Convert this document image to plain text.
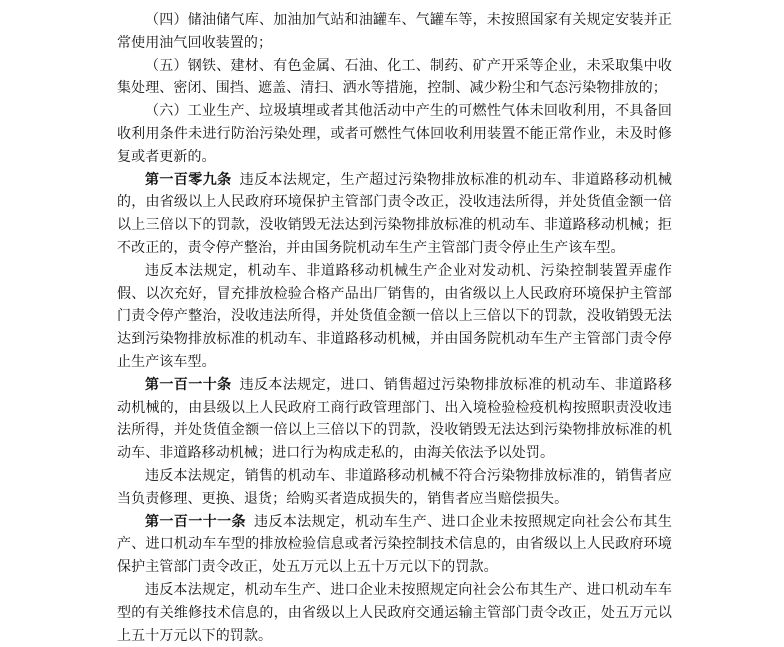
（四）储油储气库、加油加气站和油罐车、气罐车等，未按照国家有关规定安装并正常使用油气回收装置的；

（五）钢铁、建材、有色金属、石油、化工、制药、矿产开采等企业，未采取集中收集处理、密闭、围挡、遮盖、清扫、洒水等措施，控制、减少粉尘和气态污染物排放的；

（六）工业生产、垃圾填埋或者其他活动中产生的可燃性气体未回收利用，不具备回收利用条件未进行防治污染处理，或者可燃性气体回收利用装置不能正常作业，未及时修复或者更新的。

第一百零九条 违反本法规定，生产超过污染物排放标准的机动车、非道路移动机械的，由省级以上人民政府环境保护主管部门责令改正，没收违法所得，并处货值金额一倍以上三倍以下的罚款，没收销毁无法达到污染物排放标准的机动车、非道路移动机械；拒不改正的，责令停产整治，并由国务院机动车生产主管部门责令停止生产该车型。

违反本法规定，机动车、非道路移动机械生产企业对发动机、污染控制装置弄虚作假、以次充好，冒充排放检验合格产品出厂销售的，由省级以上人民政府环境保护主管部门责令停产整治，没收违法所得，并处货值金额一倍以上三倍以下的罚款，没收销毁无法达到污染物排放标准的机动车、非道路移动机械，并由国务院机动车生产主管部门责令停止生产该车型。

第一百一十条 违反本法规定，进口、销售超过污染物排放标准的机动车、非道路移动机械的，由县级以上人民政府工商行政管理部门、出入境检验检疫机构按照职责没收违法所得，并处货值金额一倍以上三倍以下的罚款，没收销毁无法达到污染物排放标准的机动车、非道路移动机械；进口行为构成走私的，由海关依法予以处罚。

违反本法规定，销售的机动车、非道路移动机械不符合污染物排放标准的，销售者应当负责修理、更换、退货；给购买者造成损失的，销售者应当赔偿损失。

第一百一十一条 违反本法规定，机动车生产、进口企业未按照规定向社会公布其生产、进口机动车车型的排放检验信息或者污染控制技术信息的，由省级以上人民政府环境保护主管部门责令改正，处五万元以上五十万元以下的罚款。

违反本法规定，机动车生产、进口企业未按照规定向社会公布其生产、进口机动车车型的有关维修技术信息的，由省级以上人民政府交通运输主管部门责令改正，处五万元以上五十万元以下的罚款。
